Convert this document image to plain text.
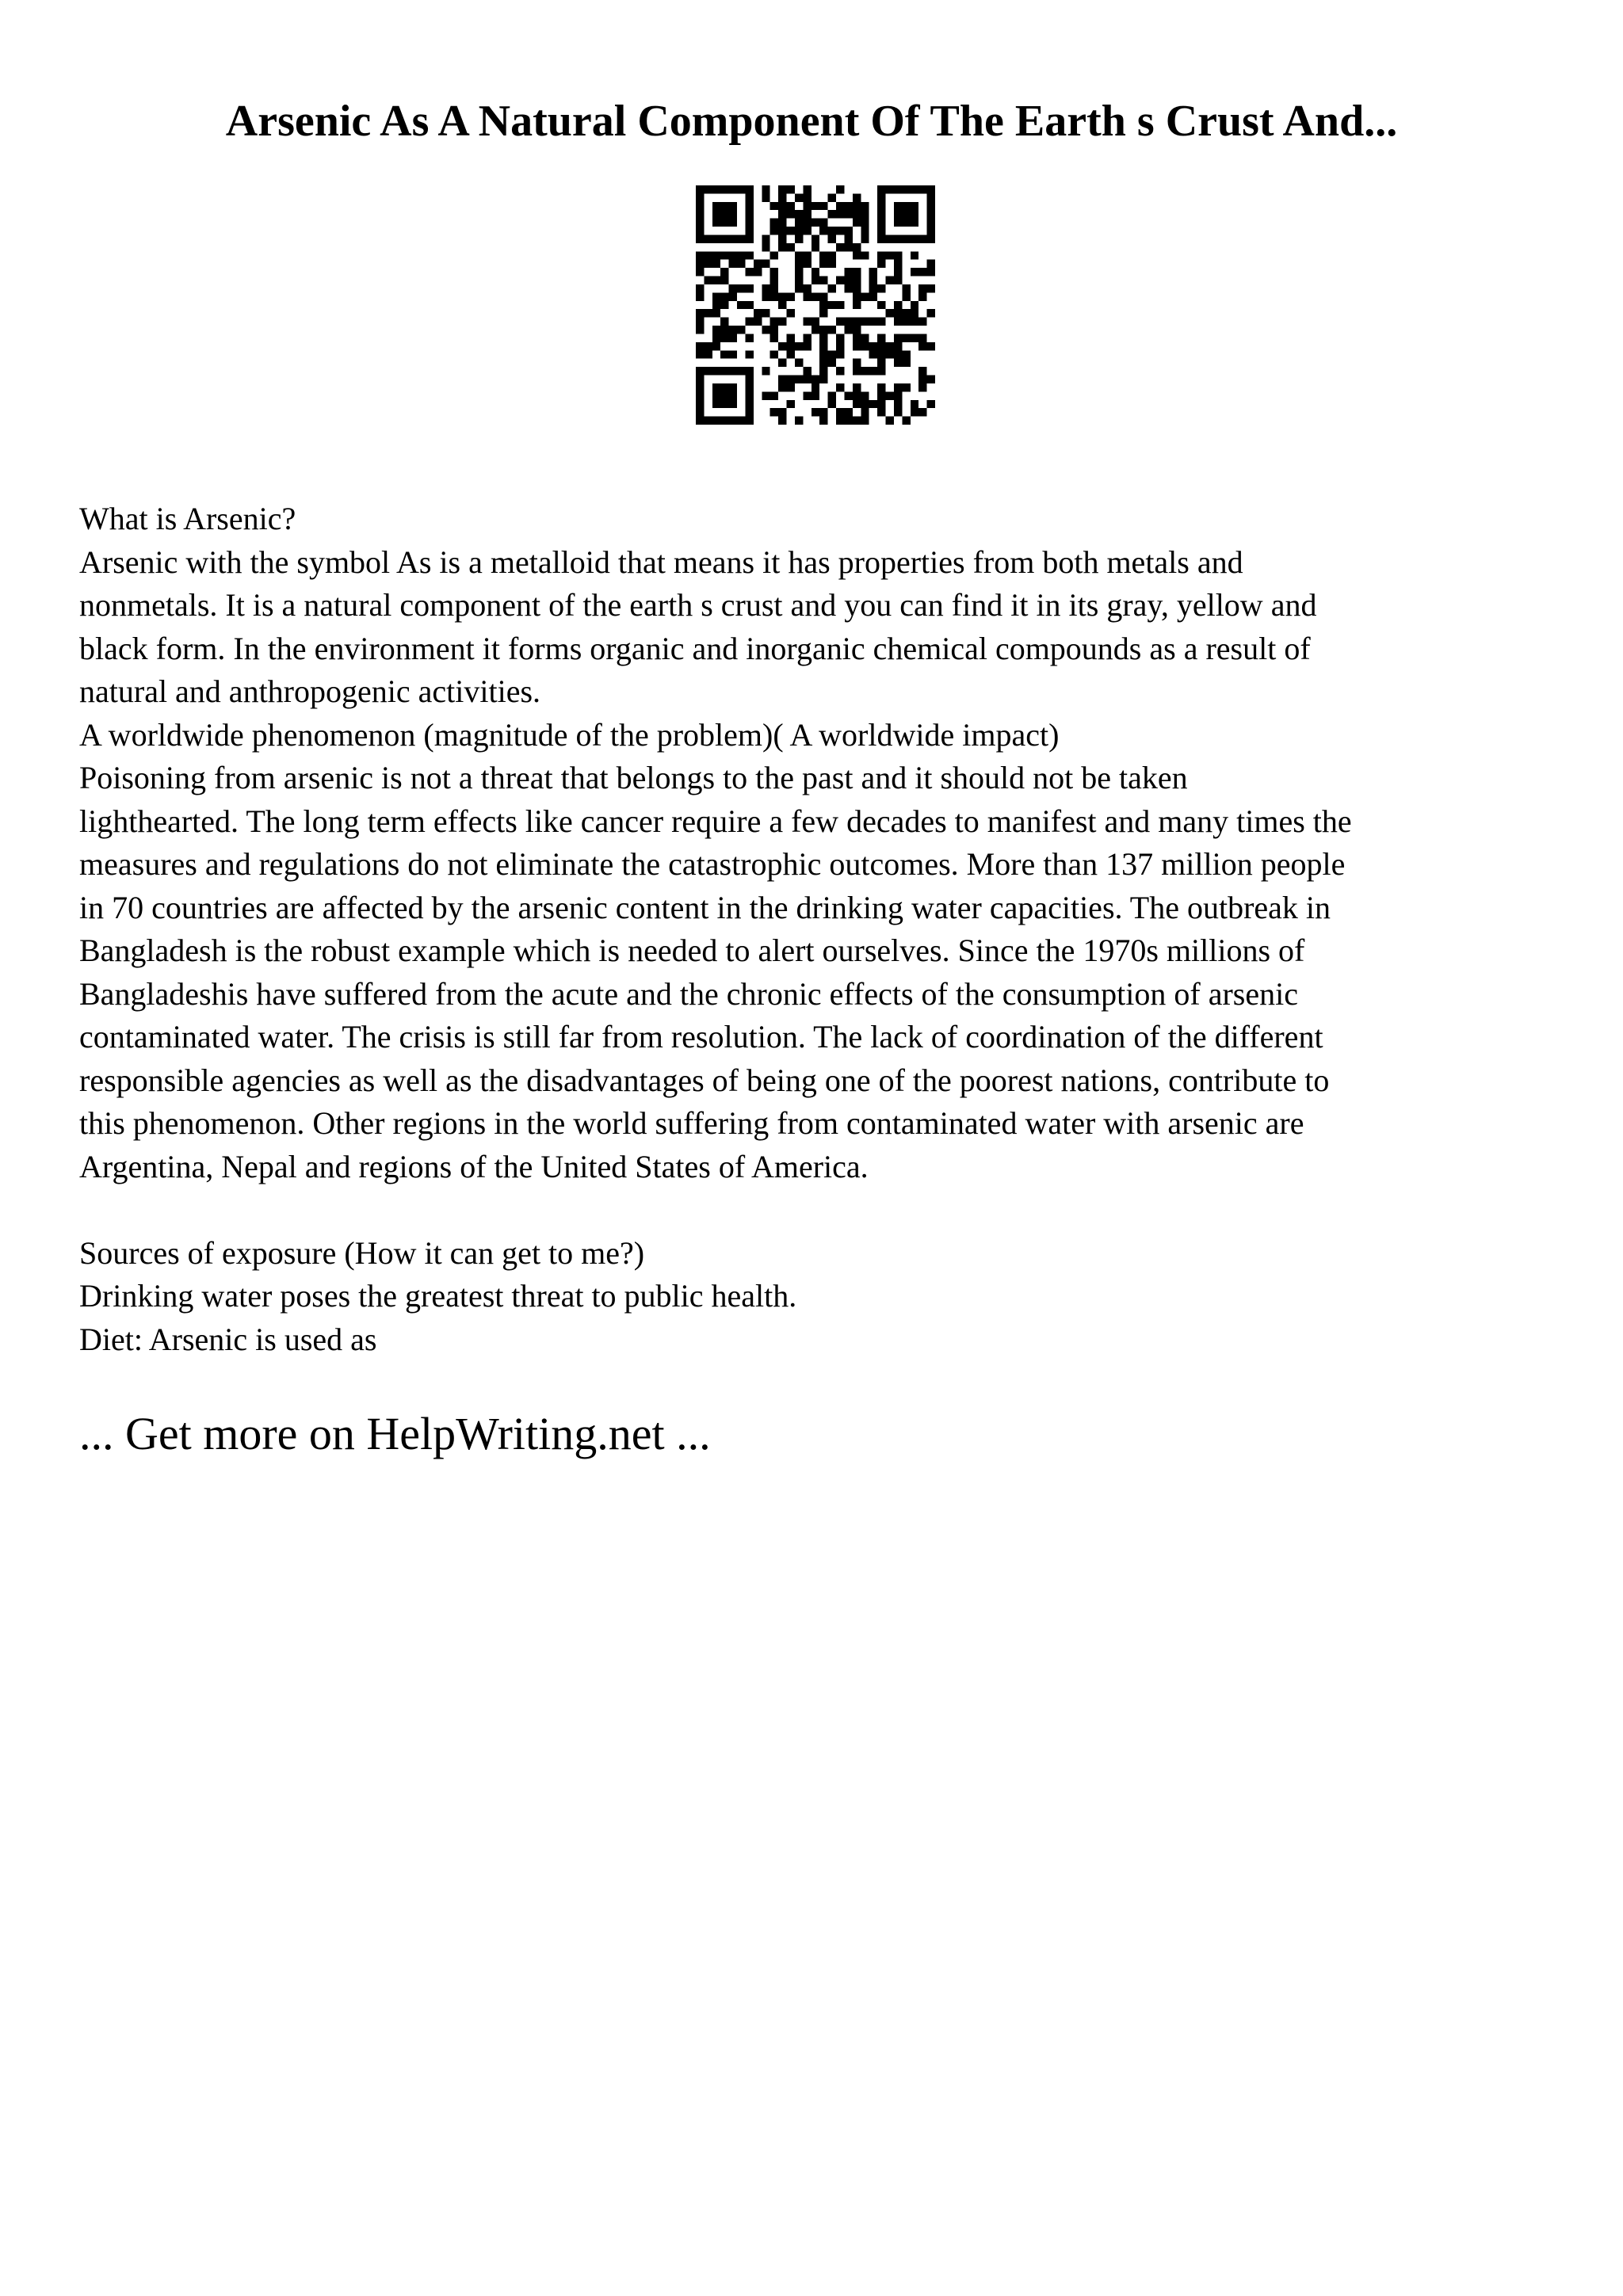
Arsenic As A Natural Component Of The Earth s Crust And...
What is Arsenic?
Arsenic with the symbol As is a metalloid that means it has properties from both metals and
nonmetals. It is a natural component of the earth s crust and you can find it in its gray, yellow and
black form. In the environment it forms organic and inorganic chemical compounds as a result of
natural and anthropogenic activities.
A worldwide phenomenon (magnitude of the problem)( A worldwide impact)
Poisoning from arsenic is not a threat that belongs to the past and it should not be taken
lighthearted. The long term effects like cancer require a few decades to manifest and many times the
measures and regulations do not eliminate the catastrophic outcomes. More than 137 million people
in 70 countries are affected by the arsenic content in the drinking water capacities. The outbreak in
Bangladesh is the robust example which is needed to alert ourselves. Since the 1970s millions of
Bangladeshis have suffered from the acute and the chronic effects of the consumption of arsenic
contaminated water. The crisis is still far from resolution. The lack of coordination of the different
responsible agencies as well as the disadvantages of being one of the poorest nations, contribute to
this phenomenon. Other regions in the world suffering from contaminated water with arsenic are
Argentina, Nepal and regions of the United States of America.
Sources of exposure (How it can get to me?)
Drinking water poses the greatest threat to public health.
Diet: Arsenic is used as
... Get more on HelpWriting.net ...
